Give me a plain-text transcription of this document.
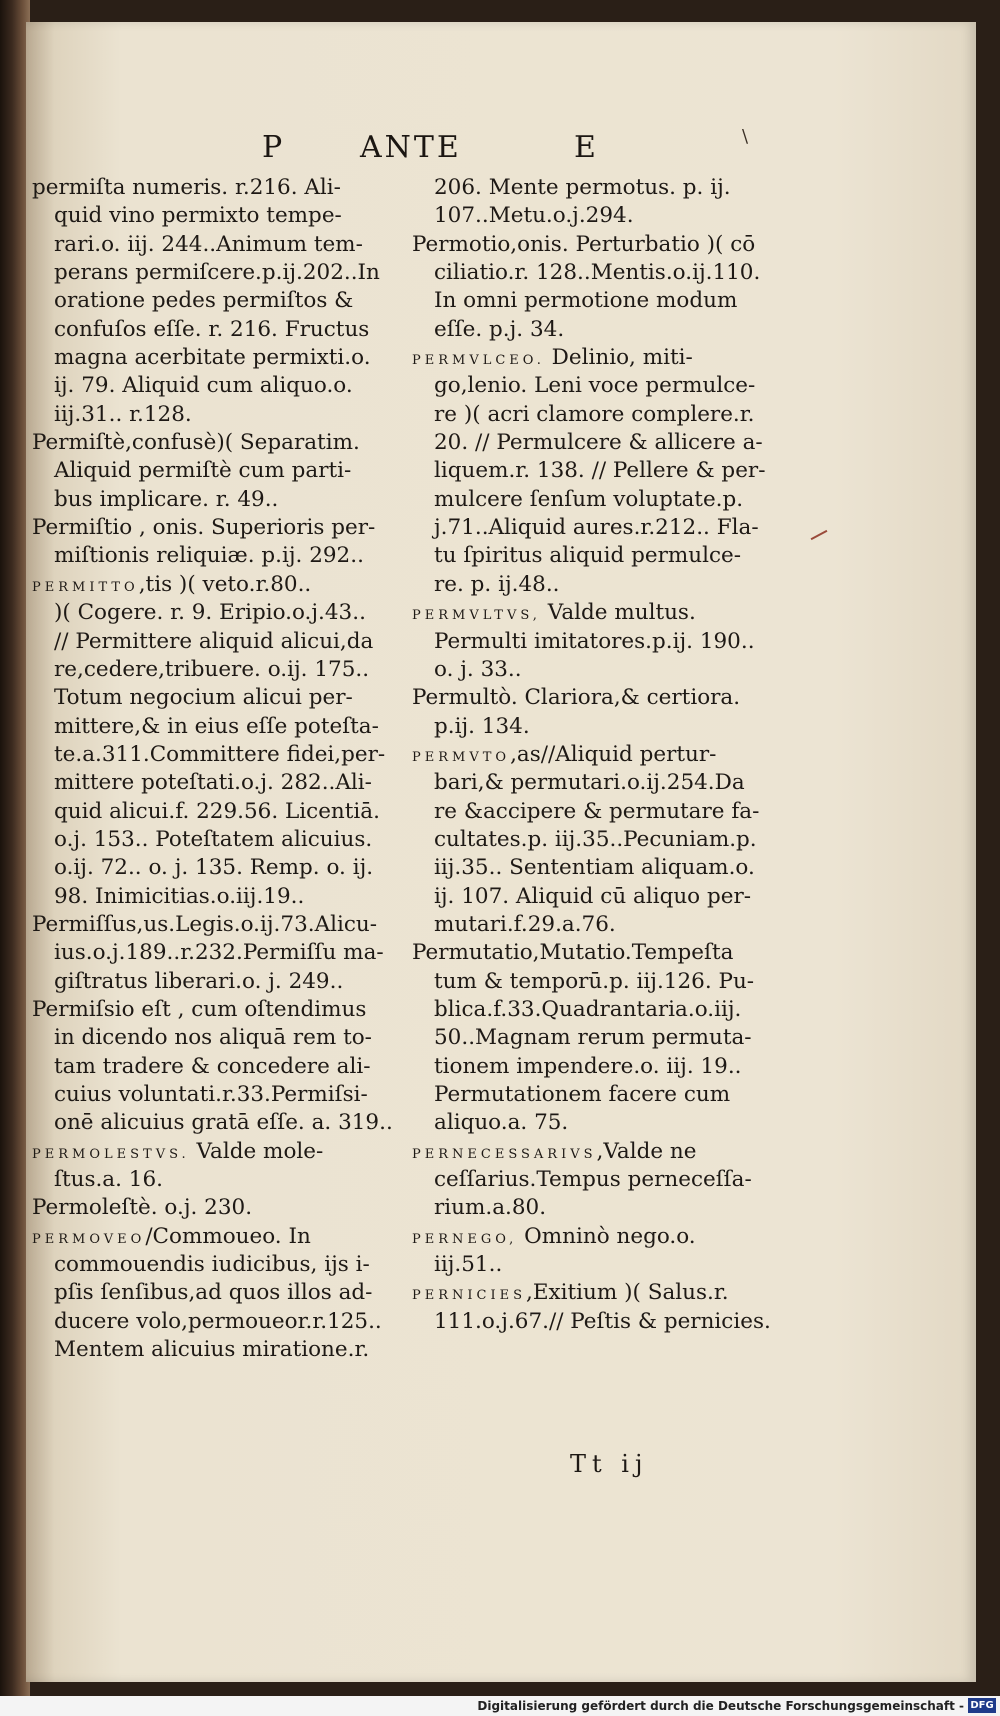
P ANTE	E	\
permiſta numeris. r.216. Ali-
quid vino permixto tempe-
rari.o. iij. 244..Animum tem-
perans permiſcere.p.ij.202..In
oratione pedes permiſtos &
confuſos eſſe. r. 216. Fructus
magna acerbitate permixti.o.
ij. 79. Aliquid cum aliquo.o.
iij.31.. r.128.
Permiſtè,confusè)( Separatim.
Aliquid permiſtè cum parti-
bus implicare. r. 49..
Permiſtio , onis. Superioris per-
miſtionis reliquiæ. p.ij. 292..
PERMITTO,tis )( veto.r.80..
)( Cogere. r. 9. Eripio.o.j.43..
// Permittere aliquid alicui,da
re,cedere,tribuere. o.ij. 175..
Totum negocium alicui per-
mittere,& in eius eſſe poteſta-
te.a.311.Committere fidei,per-
mittere poteſtati.o.j. 282..Ali-
quid alicui.f. 229.56. Licentiā.
o.j. 153.. Poteſtatem alicuius.
o.ij. 72.. o. j. 135. Remp. o. ij.
98. Inimicitias.o.iij.19..
Permiſſus,us.Legis.o.ij.73.Alicu-
ius.o.j.189..r.232.Permiſſu ma-
giſtratus liberari.o. j. 249..
Permiſsio eſt , cum oſtendimus
in dicendo nos aliquā rem to-
tam tradere & concedere ali-
cuius voluntati.r.33.Permiſsi-
onē alicuius gratā eſſe. a. 319..
PERMOLESTVS. Valde mole-
ſtus.a. 16.
Permoleſtè. o.j. 230.
PERMOVEO/Commoueo. In
commouendis iudicibus, ijs i-
pſis ſenſibus,ad quos illos ad-
ducere volo,permoueor.r.125..
Mentem alicuius miratione.r.
206. Mente permotus. p. ij.
107..Metu.o.j.294.
Permotio,onis. Perturbatio )( cō
ciliatio.r. 128..Mentis.o.ij.110.
In omni permotione modum
eſſe. p.j. 34.
PERMVLCEO. Delinio, miti-
go,lenio. Leni voce permulce-
re )( acri clamore complere.r.
20. // Permulcere & allicere a-
liquem.r. 138. // Pellere & per-
mulcere ſenſum voluptate.p.
j.71..Aliquid aures.r.212.. Fla-
tu ſpiritus aliquid permulce-
re. p. ij.48..
PERMVLTVS, Valde multus.
Permulti imitatores.p.ij. 190..
o. j. 33..
Permultò. Clariora,& certiora.
p.ij. 134.
PERMVTO,as//Aliquid pertur-
bari,& permutari.o.ij.254.Da
re &accipere & permutare fa-
cultates.p. iij.35..Pecuniam.p.
iij.35.. Sententiam aliquam.o.
ij. 107. Aliquid cū aliquo per-
mutari.f.29.a.76.
Permutatio,Mutatio.Tempeſta
tum & temporū.p. iij.126. Pu-
blica.f.33.Quadrantaria.o.iij.
50..Magnam rerum permuta-
tionem impendere.o. iij. 19..
Permutationem facere cum
aliquo.a. 75.
PERNECESSARIVS,Valde ne
ceſſarius.Tempus perneceſſa-
rium.a.80.
PERNEGO, Omninò nego.o.
iij.51..
PERNICIES,Exitium )( Salus.r.
111.o.j.67.// Peſtis & pernicies.
Tt ij
Digitalisierung gefördert durch die Deutsche Forschungsgemeinschaft - DFG
